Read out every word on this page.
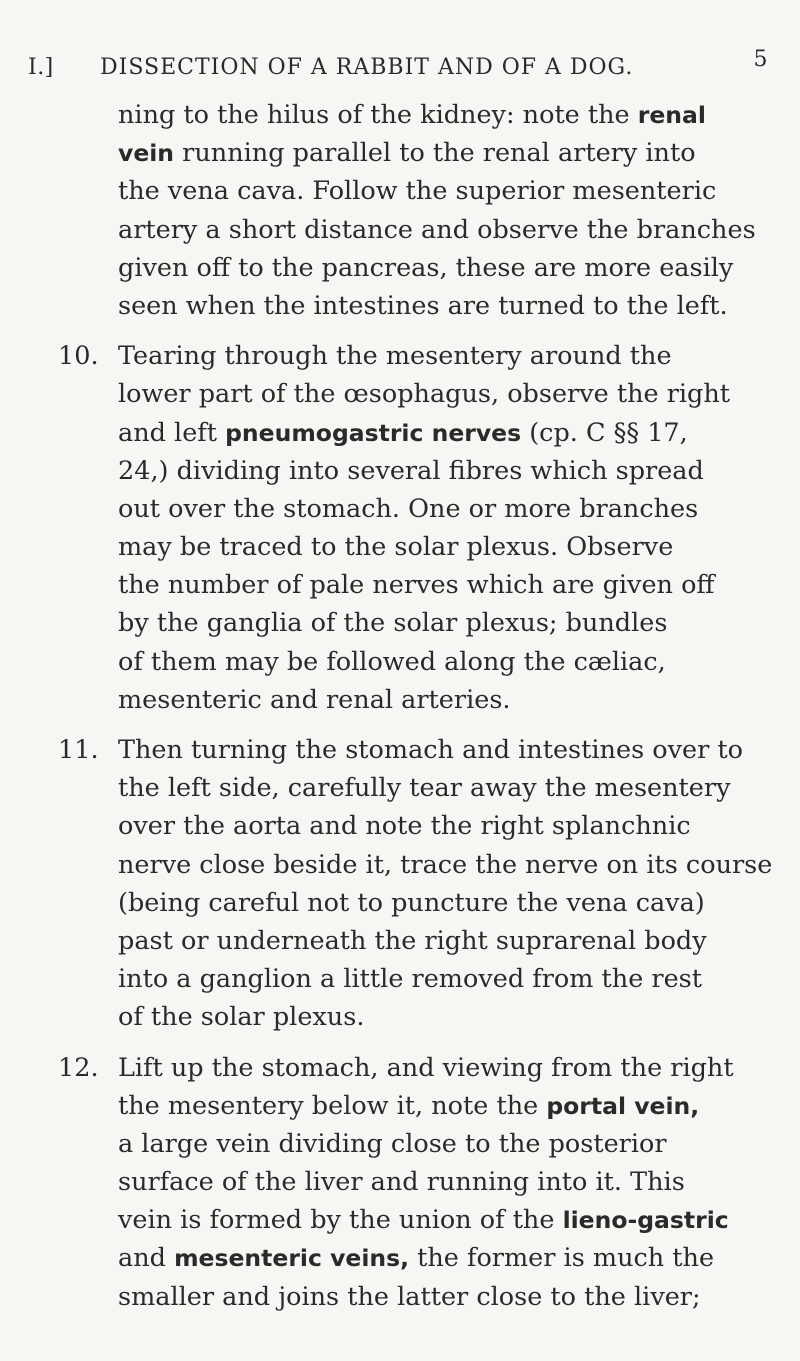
I.] DISSECTION OF A RABBIT AND OF A DOG.	5
ning to the hilus of the kidney: note the renal
vein running parallel to the renal artery into
the vena cava. Follow the superior mesenteric
artery a short distance and observe the branches
given off to the pancreas, these are more easily
seen when the intestines are turned to the left.
10. Tearing through the mesentery around the
lower part of the œsophagus, observe the right
and left pneumogastric nerves (cp. C §§ 17,
24,) dividing into several fibres which spread
out over the stomach. One or more branches
may be traced to the solar plexus. Observe
the number of pale nerves which are given off
by the ganglia of the solar plexus; bundles
of them may be followed along the cæliac,
mesenteric and renal arteries.
11. Then turning the stomach and intestines over to
the left side, carefully tear away the mesentery
over the aorta and note the right splanchnic
nerve close beside it, trace the nerve on its course
(being careful not to puncture the vena cava)
past or underneath the right suprarenal body
into a ganglion a little removed from the rest
of the solar plexus.
12. Lift up the stomach, and viewing from the right
the mesentery below it, note the portal vein,
a large vein dividing close to the posterior
surface of the liver and running into it. This
vein is formed by the union of the lieno-gastric
and mesenteric veins, the former is much the
smaller and joins the latter close to the liver;
